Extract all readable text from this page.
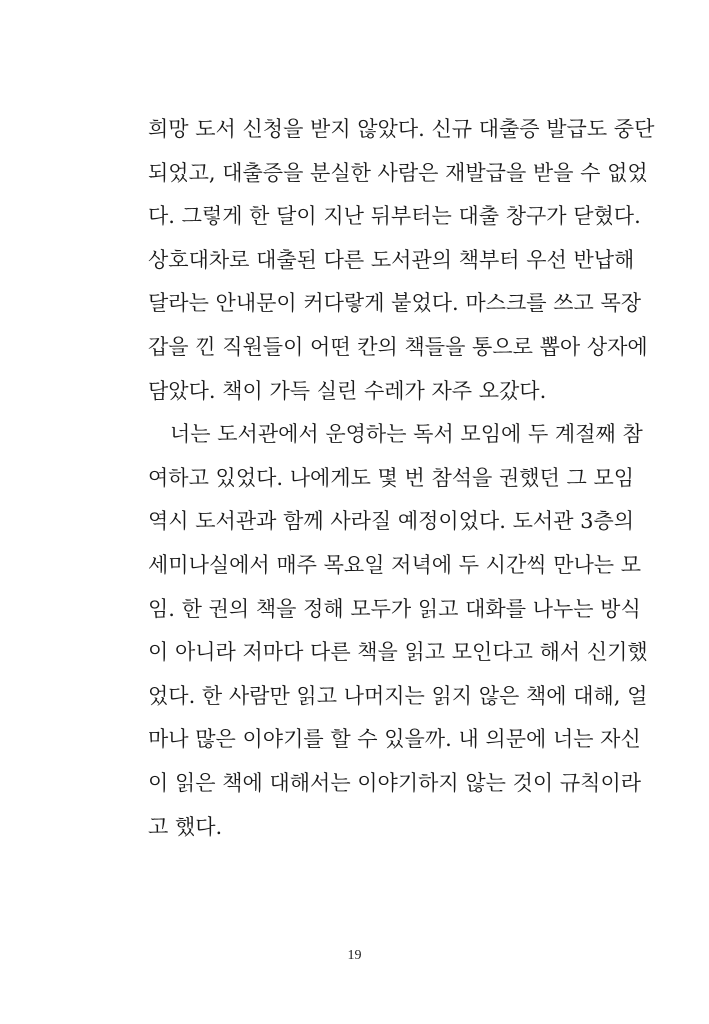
희망 도서 신청을 받지 않았다. 신규 대출증 발급도 중단
되었고, 대출증을 분실한 사람은 재발급을 받을 수 없었
다. 그렇게 한 달이 지난 뒤부터는 대출 창구가 닫혔다.
상호대차로 대출된 다른 도서관의 책부터 우선 반납해
달라는 안내문이 커다랗게 붙었다. 마스크를 쓰고 목장
갑을 낀 직원들이 어떤 칸의 책들을 통으로 뽑아 상자에
담았다. 책이 가득 실린 수레가 자주 오갔다.
너는 도서관에서 운영하는 독서 모임에 두 계절째 참
여하고 있었다. 나에게도 몇 번 참석을 권했던 그 모임
역시 도서관과 함께 사라질 예정이었다. 도서관 3층의
세미나실에서 매주 목요일 저녁에 두 시간씩 만나는 모
임. 한 권의 책을 정해 모두가 읽고 대화를 나누는 방식
이 아니라 저마다 다른 책을 읽고 모인다고 해서 신기했
었다. 한 사람만 읽고 나머지는 읽지 않은 책에 대해, 얼
마나 많은 이야기를 할 수 있을까. 내 의문에 너는 자신
이 읽은 책에 대해서는 이야기하지 않는 것이 규칙이라
고 했다.
19
